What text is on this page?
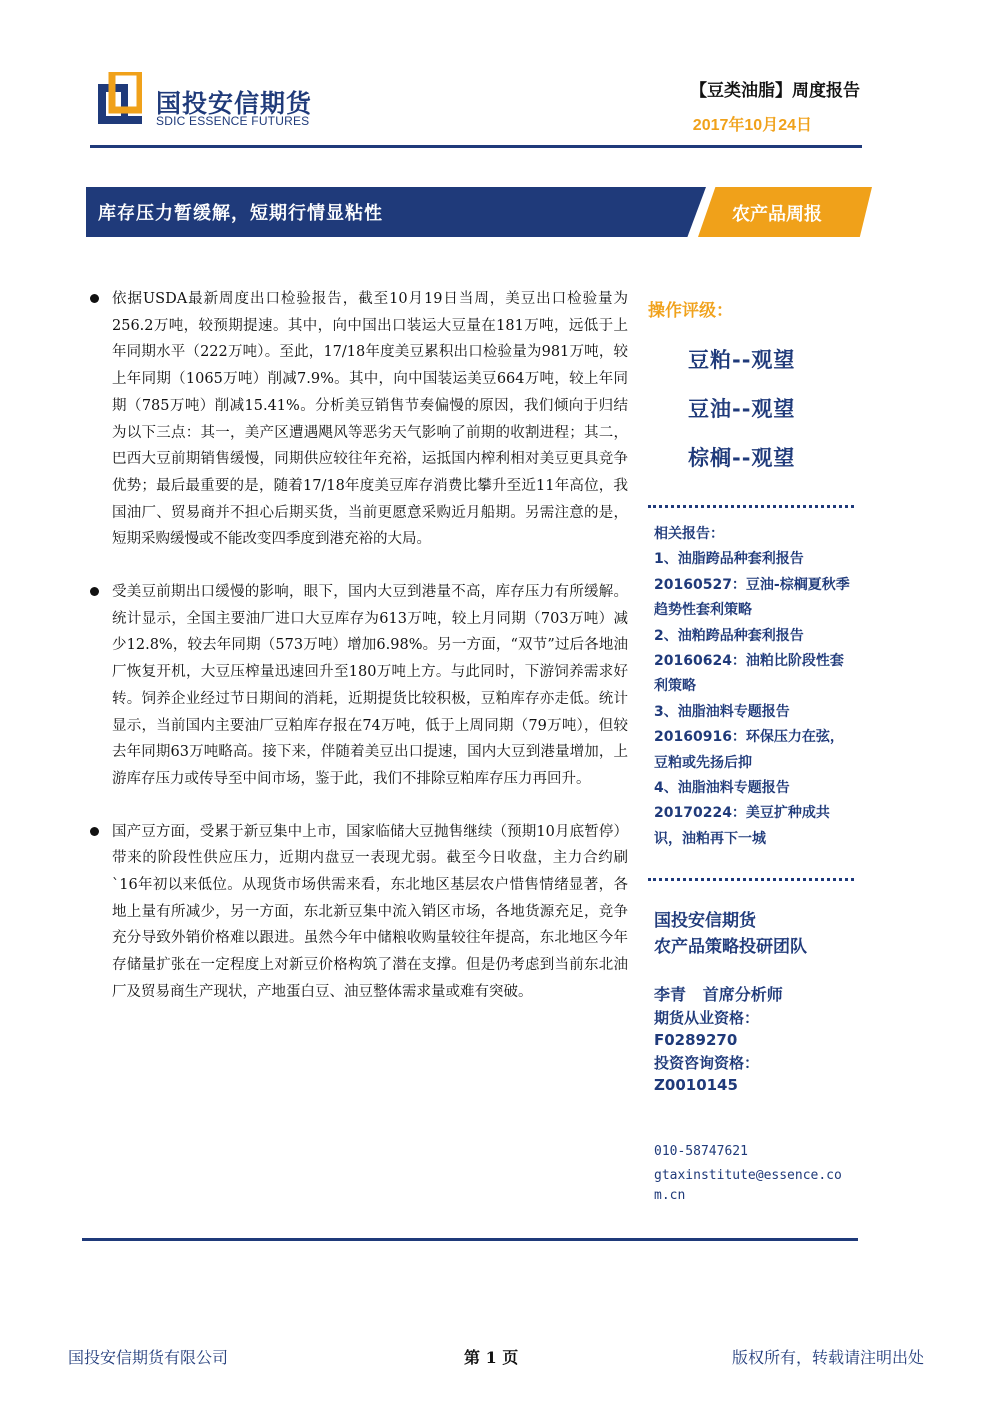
国投安信期货
SDIC ESSENCE FUTURES
【豆类油脂】周度报告
2017年10月24日
库存压力暂缓解，短期行情显粘性	农产品周报
依据USDA最新周度出口检验报告，截至10月19日当周，美豆出口检验量为256.2万吨，较预期提速。其中，向中国出口装运大豆量在181万吨，远低于上年同期水平（222万吨）。至此，17/18年度美豆累积出口检验量为981万吨，较上年同期（1065万吨）削减7.9%。其中，向中国装运美豆664万吨，较上年同期（785万吨）削减15.41%。分析美豆销售节奏偏慢的原因，我们倾向于归结为以下三点：其一，美产区遭遇飓风等恶劣天气影响了前期的收割进程；其二，巴西大豆前期销售缓慢，同期供应较往年充裕，运抵国内榨利相对美豆更具竞争优势；最后最重要的是，随着17/18年度美豆库存消费比攀升至近11年高位，我国油厂、贸易商并不担心后期买货，当前更愿意采购近月船期。另需注意的是，短期采购缓慢或不能改变四季度到港充裕的大局。
受美豆前期出口缓慢的影响，眼下，国内大豆到港量不高，库存压力有所缓解。统计显示，全国主要油厂进口大豆库存为613万吨，较上月同期（703万吨）减少12.8%，较去年同期（573万吨）增加6.98%。另一方面，“双节”过后各地油厂恢复开机，大豆压榨量迅速回升至180万吨上方。与此同时，下游饲养需求好转。饲养企业经过节日期间的消耗，近期提货比较积极，豆粕库存亦走低。统计显示，当前国内主要油厂豆粕库存报在74万吨，低于上周同期（79万吨），但较去年同期63万吨略高。接下来，伴随着美豆出口提速，国内大豆到港量增加，上游库存压力或传导至中间市场，鉴于此，我们不排除豆粕库存压力再回升。
国产豆方面，受累于新豆集中上市，国家临储大豆抛售继续（预期10月底暂停）带来的阶段性供应压力，近期内盘豆一表现尤弱。截至今日收盘，主力合约刷`16年初以来低位。从现货市场供需来看，东北地区基层农户惜售情绪显著，各地上量有所减少，另一方面，东北新豆集中流入销区市场，各地货源充足，竞争充分导致外销价格难以跟进。虽然今年中储粮收购量较往年提高，东北地区今年存储量扩张在一定程度上对新豆价格构筑了潜在支撑。但是仍考虑到当前东北油厂及贸易商生产现状，产地蛋白豆、油豆整体需求量或难有突破。
操作评级：
豆粕--观望
豆油--观望
棕榈--观望
相关报告：
1、油脂跨品种套利报告
20160527：豆油-棕榈夏秋季趋势性套利策略
2、油粕跨品种套利报告
20160624：油粕比阶段性套利策略
3、油脂油料专题报告
20160916：环保压力在弦，豆粕或先扬后抑
4、油脂油料专题报告
20170224：美豆扩种成共识，油粕再下一城
国投安信期货
农产品策略投研团队
李青 首席分析师
期货从业资格：
F0289270
投资咨询资格：
Z0010145
010-58747621
gtaxinstitute@essence.com.cn
国投安信期货有限公司	第 1 页	版权所有，转载请注明出处
